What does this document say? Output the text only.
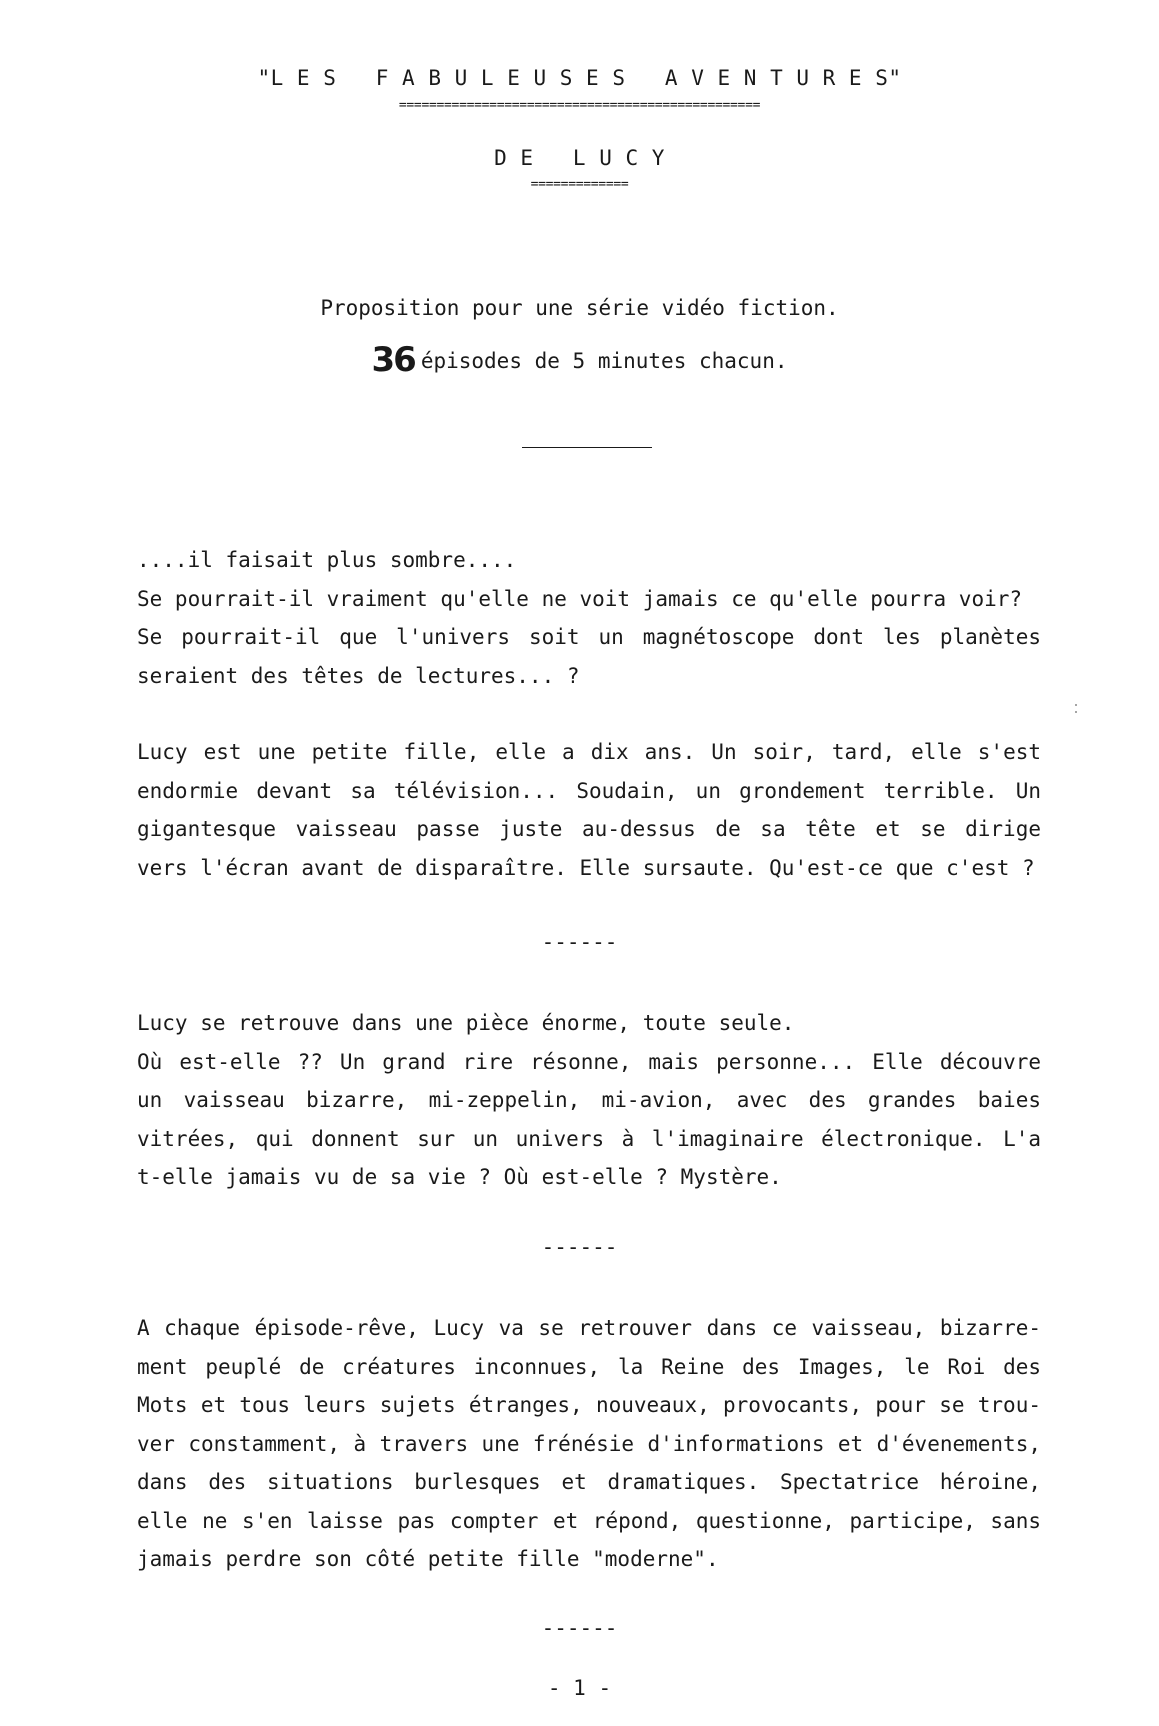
"L E S   F A B U L E U S E S   A V E N T U R E S"
================================================
D E   L U C Y
=============
Proposition pour une série vidéo fiction.
36 épisodes de 5 minutes chacun.
....il faisait plus sombre....
Se pourrait-il vraiment qu'elle ne voit jamais ce qu'elle pourra voir?
Se pourrait-il que l'univers soit un magnétoscope dont les planètes
seraient des têtes de lectures... ?
Lucy est une petite fille, elle a dix ans. Un soir, tard, elle s'est
endormie devant sa télévision... Soudain, un grondement terrible. Un
gigantesque vaisseau passe juste au-dessus de sa tête et se dirige
vers l'écran avant de disparaître. Elle sursaute. Qu'est-ce que c'est ?
------
Lucy se retrouve dans une pièce énorme, toute seule.
Où est-elle ?? Un grand rire résonne, mais personne... Elle découvre
un vaisseau bizarre, mi-zeppelin, mi-avion, avec des grandes baies
vitrées, qui donnent sur un univers à l'imaginaire électronique. L'a
t-elle jamais vu de sa vie ? Où est-elle ? Mystère.
------
A chaque épisode-rêve, Lucy va se retrouver dans ce vaisseau, bizarre-
ment peuplé de créatures inconnues, la Reine des Images, le Roi des
Mots et tous leurs sujets étranges, nouveaux, provocants, pour se trou-
ver constamment, à travers une frénésie d'informations et d'évenements,
dans des situations burlesques et dramatiques. Spectatrice héroine,
elle ne s'en laisse pas compter et répond, questionne, participe, sans
jamais perdre son côté petite fille "moderne".
------
- 1 -
